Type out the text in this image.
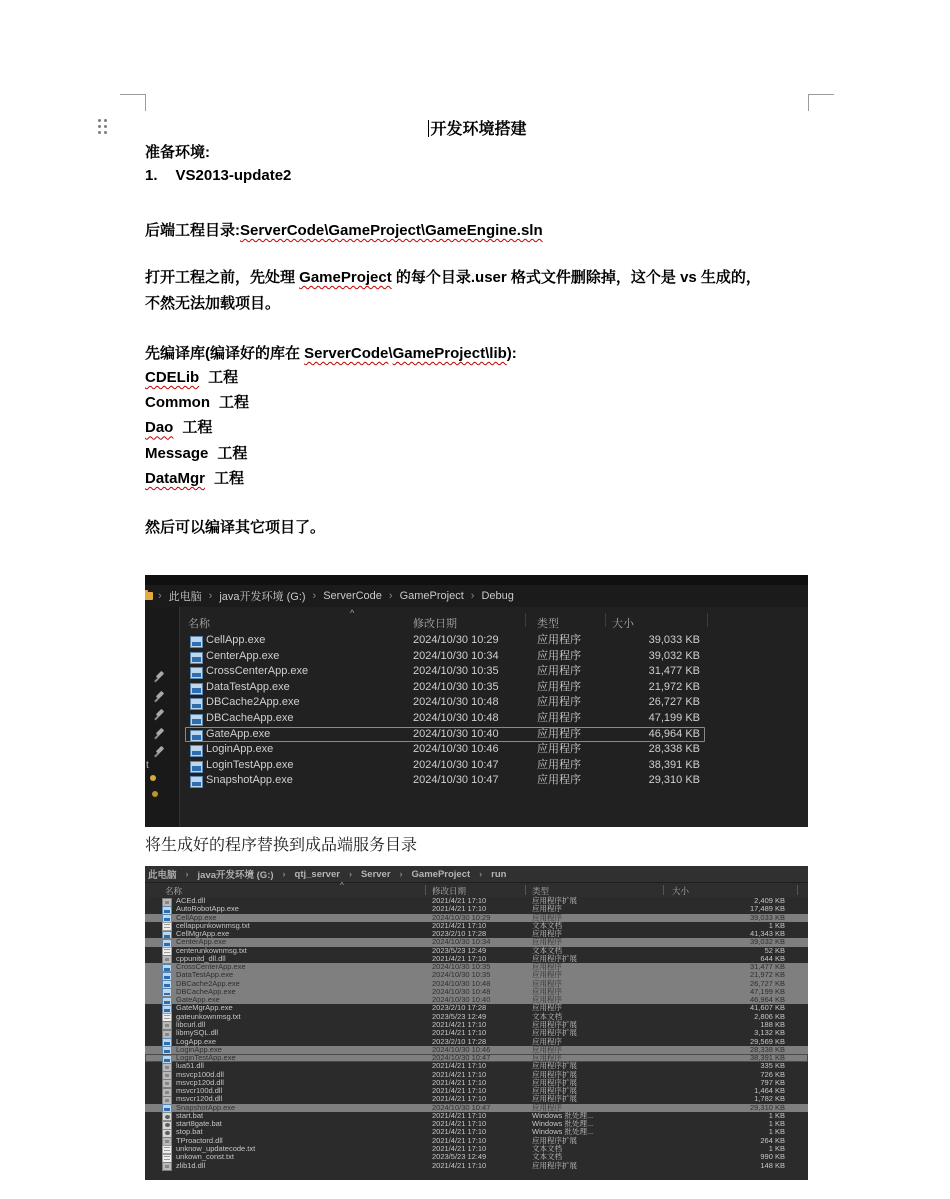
开发环境搭建
准备环境:
1. VS2013-update2
后端工程目录:ServerCode\GameProject\GameEngine.sln
打开工程之前，先处理 GameProject 的每个目录.user 格式文件删除掉，这个是 vs 生成的，
不然无法加载项目。
先编译库(编译好的库在 ServerCode\GameProject\lib):
CDELib 工程
Common 工程
Dao 工程
Message 工程
DataMgr 工程
然后可以编译其它项目了。
› 此电脑 › java开发环境 (G:) › ServerCode › GameProject › Debug
t
名称
^
修改日期	类型	大小
CellApp.exe	2024/10/30 10:29	应用程序	39,033 KB
CenterApp.exe	2024/10/30 10:34	应用程序	39,032 KB
CrossCenterApp.exe	2024/10/30 10:35	应用程序	31,477 KB
DataTestApp.exe	2024/10/30 10:35	应用程序	21,972 KB
DBCache2App.exe	2024/10/30 10:48	应用程序	26,727 KB
DBCacheApp.exe	2024/10/30 10:48	应用程序	47,199 KB
GateApp.exe	2024/10/30 10:40	应用程序	46,964 KB
LoginApp.exe	2024/10/30 10:46	应用程序	28,338 KB
LoginTestApp.exe	2024/10/30 10:47	应用程序	38,391 KB
SnapshotApp.exe	2024/10/30 10:47	应用程序	29,310 KB
将生成好的程序替换到成品端服务目录
此电脑 › java开发环境 (G:) › qtj_server › Server › GameProject › run
名称
^
修改日期	类型	大小
ACEd.dll	2021/4/21 17:10	应用程序扩展	2,409 KB
AutoRobotApp.exe	2021/4/21 17:10	应用程序	17,489 KB
CellApp.exe	2024/10/30 10:29	应用程序	39,033 KB
cellappunkownmsg.txt	2021/4/21 17:10	文本文档	1 KB
CellMgrApp.exe	2023/2/10 17:28	应用程序	41,343 KB
CenterApp.exe	2024/10/30 10:34	应用程序	39,032 KB
centerunkownmsg.txt	2023/5/23 12:49	文本文档	52 KB
cppunitd_dll.dll	2021/4/21 17:10	应用程序扩展	644 KB
CrossCenterApp.exe	2024/10/30 10:35	应用程序	31,477 KB
DataTestApp.exe	2024/10/30 10:35	应用程序	21,972 KB
DBCache2App.exe	2024/10/30 10:48	应用程序	26,727 KB
DBCacheApp.exe	2024/10/30 10:48	应用程序	47,199 KB
GateApp.exe	2024/10/30 10:40	应用程序	46,964 KB
GateMgrApp.exe	2023/2/10 17:28	应用程序	41,607 KB
gateunkownmsg.txt	2023/5/23 12:49	文本文档	2,806 KB
libcurl.dll	2021/4/21 17:10	应用程序扩展	188 KB
libmySQL.dll	2021/4/21 17:10	应用程序扩展	3,132 KB
LogApp.exe	2023/2/10 17:28	应用程序	29,569 KB
LoginApp.exe	2024/10/30 10:46	应用程序	28,338 KB
LoginTestApp.exe	2024/10/30 10:47	应用程序	38,391 KB
lua51.dll	2021/4/21 17:10	应用程序扩展	335 KB
msvcp100d.dll	2021/4/21 17:10	应用程序扩展	726 KB
msvcp120d.dll	2021/4/21 17:10	应用程序扩展	797 KB
msvcr100d.dll	2021/4/21 17:10	应用程序扩展	1,464 KB
msvcr120d.dll	2021/4/21 17:10	应用程序扩展	1,782 KB
SnapshotApp.exe	2024/10/30 10:47	应用程序	29,310 KB
start.bat	2021/4/21 17:10	Windows 批处理...	1 KB
start8gate.bat	2021/4/21 17:10	Windows 批处理...	1 KB
stop.bat	2021/4/21 17:10	Windows 批处理...	1 KB
TProactord.dll	2021/4/21 17:10	应用程序扩展	264 KB
unknow_updatecode.txt	2021/4/21 17:10	文本文档	1 KB
unkown_const.txt	2023/5/23 12:49	文本文档	990 KB
zlib1d.dll	2021/4/21 17:10	应用程序扩展	148 KB
